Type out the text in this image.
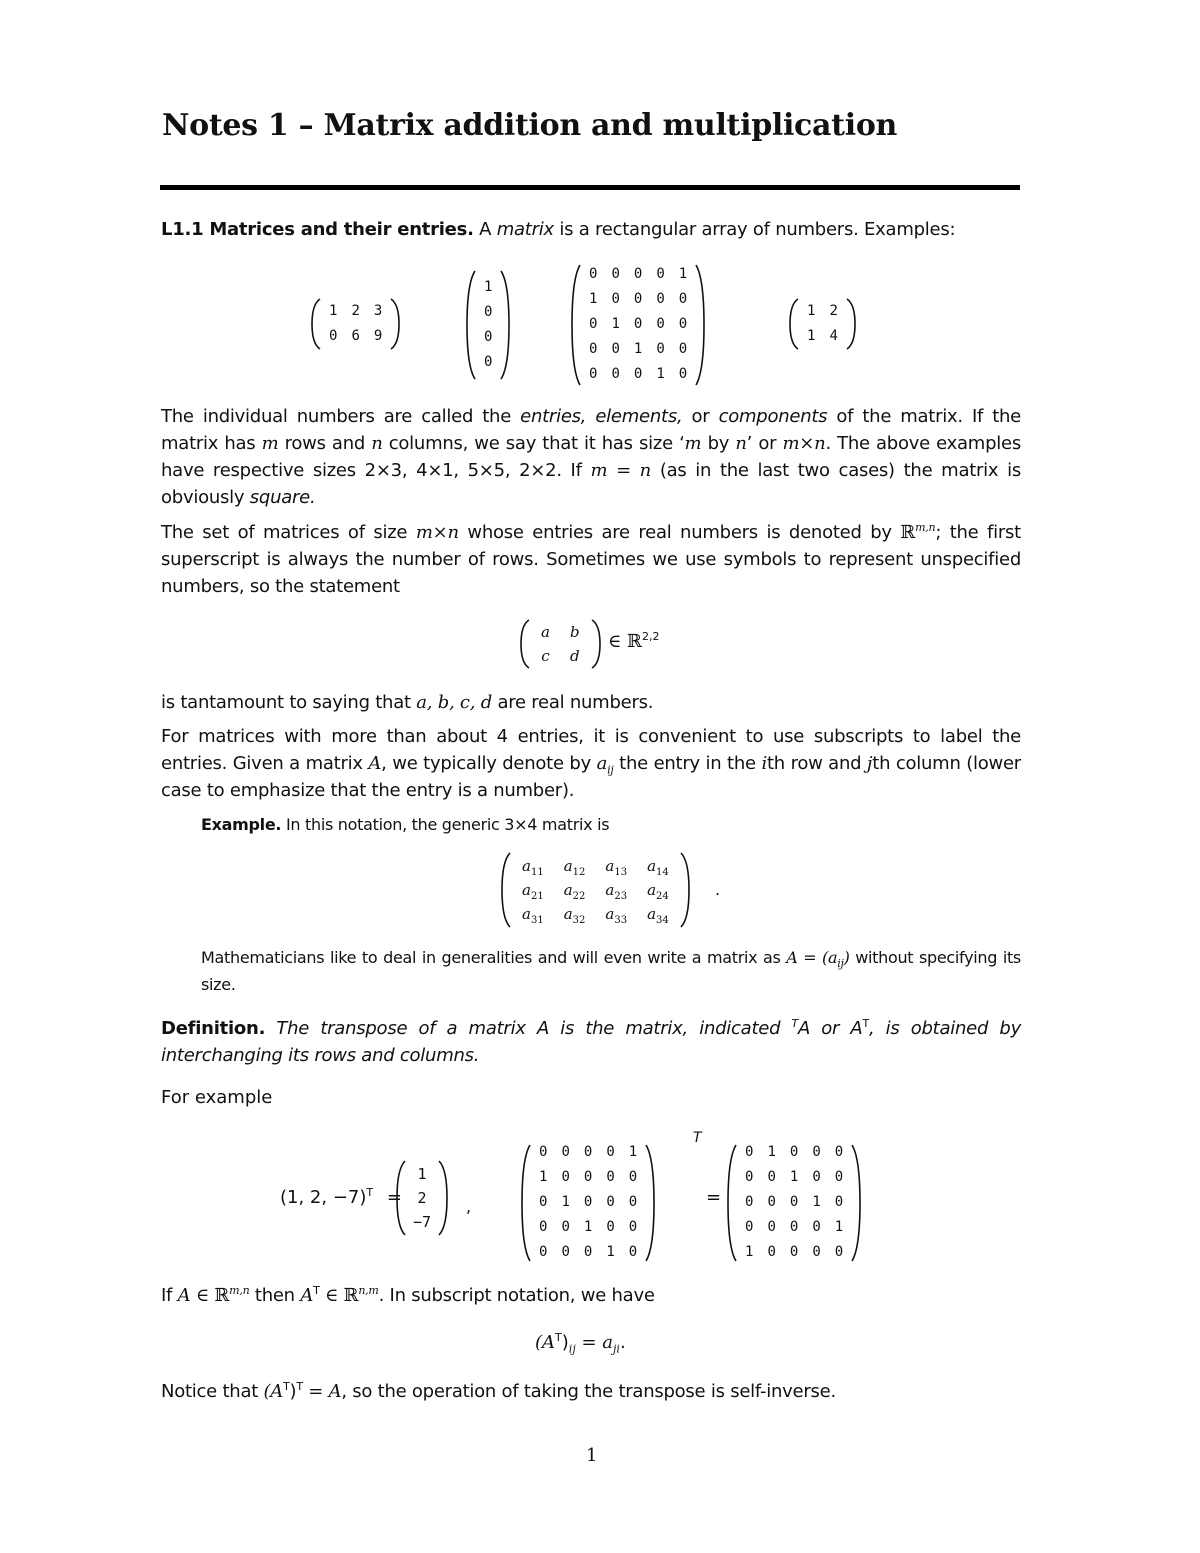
Notes 1 – Matrix addition and multiplication
L1.1 Matrices and their entries. A matrix is a rectangular array of numbers. Examples:
1	2	3
0	6	9
1
0
0
0
0	0	0	0	1
1	0	0	0	0
0	1	0	0	0
0	0	1	0	0
0	0	0	1	0
1	2
1	4
The individual numbers are called the entries, elements, or components of the matrix. If the matrix has m rows and n columns, we say that it has size ‘m by n’ or m×n. The above examples have respective sizes 2×3, 4×1, 5×5, 2×2. If m = n (as in the last two cases) the matrix is obviously square.
The set of matrices of size m×n whose entries are real numbers is denoted by ℝ$^{m,n}$; the first superscript is always the number of rows. Sometimes we use symbols to represent unspecified numbers, so the statement
a	b
c	d
∈ ℝ$^{2,2}$
is tantamount to saying that a, b, c, d are real numbers.
For matrices with more than about 4 entries, it is convenient to use subscripts to label the entries. Given a matrix A, we typically denote by $a_{ij}$ the entry in the ith row and jth column (lower case to emphasize that the entry is a number).
Example. In this notation, the generic 3×4 matrix is
$a_{11}$	$a_{12}$	$a_{13}$	$a_{14}$
$a_{21}$	$a_{22}$	$a_{23}$	$a_{24}$
$a_{31}$	$a_{32}$	$a_{33}$	$a_{34}$
.
Mathematicians like to deal in generalities and will even write a matrix as $A = (a_{ij})$ without specifying its size.
Definition. The transpose of a matrix A is the matrix, indicated $^T$A or $A^T$, is obtained by interchanging its rows and columns.
For example
(1, 2, −7)$^T$ =
1
2
−7
,
0	0	0	0	1
1	0	0	0	0
0	1	0	0	0
0	0	1	0	0
0	0	0	1	0
T
=
0	1	0	0	0
0	0	1	0	0
0	0	0	1	0
0	0	0	0	1
1	0	0	0	0
If A ∈ ℝ$^{m,n}$ then $A^T$ ∈ ℝ$^{n,m}$. In subscript notation, we have
$(A^T)_{ij} = a_{ji}$.
Notice that $(A^T)^T = A$, so the operation of taking the transpose is self-inverse.
1
